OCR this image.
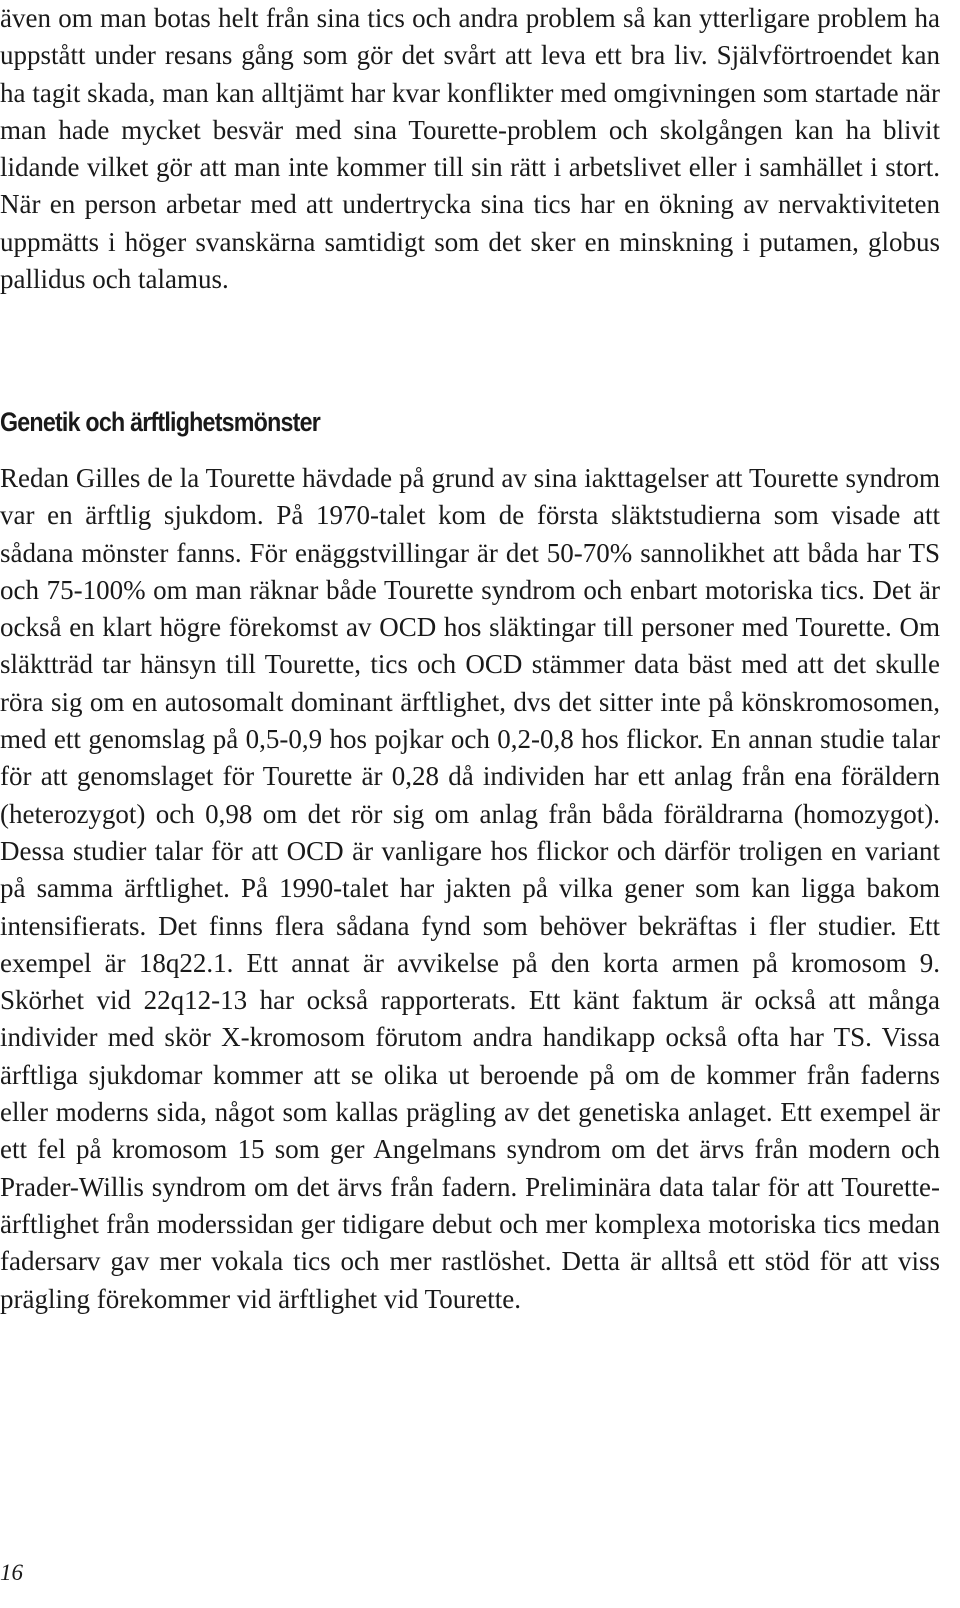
även om man botas helt från sina tics och andra problem så kan ytterligare problem ha uppstått under resans gång som gör det svårt att leva ett bra liv. Självförtroendet kan ha tagit skada, man kan alltjämt har kvar konflikter med omgivningen som startade när man hade mycket besvär med sina Tourette-problem och skolgången kan ha blivit lidande vilket gör att man inte kommer till sin rätt i arbetslivet eller i samhället i stort. När en person arbetar med att undertrycka sina tics har en ökning av nervaktiviteten uppmätts i höger svanskärna samtidigt som det sker en minskning i putamen, globus pallidus och talamus.

Genetik och ärftlighetsmönster

Redan Gilles de la Tourette hävdade på grund av sina iakttagelser att Tourette syndrom var en ärftlig sjukdom. På 1970-talet kom de första släktstudierna som visade att sådana mönster fanns. För enäggstvillingar är det 50-70% sannolikhet att båda har TS och 75-100% om man räknar både Tourette syndrom och enbart motoriska tics. Det är också en klart högre förekomst av OCD hos släktingar till personer med Tourette. Om släktträd tar hänsyn till Tourette, tics och OCD stämmer data bäst med att det skulle röra sig om en autosomalt dominant ärftlighet, dvs det sitter inte på könskromosomen, med ett genomslag på 0,5-0,9 hos pojkar och 0,2-0,8 hos flickor. En annan studie talar för att genomslaget för Tourette är 0,28 då individen har ett anlag från ena föräldern (heterozygot) och 0,98 om det rör sig om anlag från båda föräldrarna (homozygot). Dessa studier talar för att OCD är vanligare hos flickor och därför troligen en variant på samma ärftlighet. På 1990-talet har jakten på vilka gener som kan ligga bakom intensifierats. Det finns flera sådana fynd som behöver bekräftas i fler studier. Ett exempel är 18q22.1. Ett annat är avvikelse på den korta armen på kromosom 9. Skörhet vid 22q12-13 har också rapporterats. Ett känt faktum är också att många individer med skör X-kromosom förutom andra handikapp också ofta har TS. Vissa ärftliga sjukdomar kommer att se olika ut beroende på om de kommer från faderns eller moderns sida, något som kallas prägling av det genetiska anlaget. Ett exempel är ett fel på kromosom 15 som ger Angelmans syndrom om det ärvs från modern och Prader-Willis syndrom om det ärvs från fadern. Preliminära data talar för att Tourette-ärftlighet från moderssidan ger tidigare debut och mer komplexa motoriska tics medan fadersarv gav mer vokala tics och mer rastlöshet. Detta är alltså ett stöd för att viss prägling förekommer vid ärftlighet vid Tourette.

16
